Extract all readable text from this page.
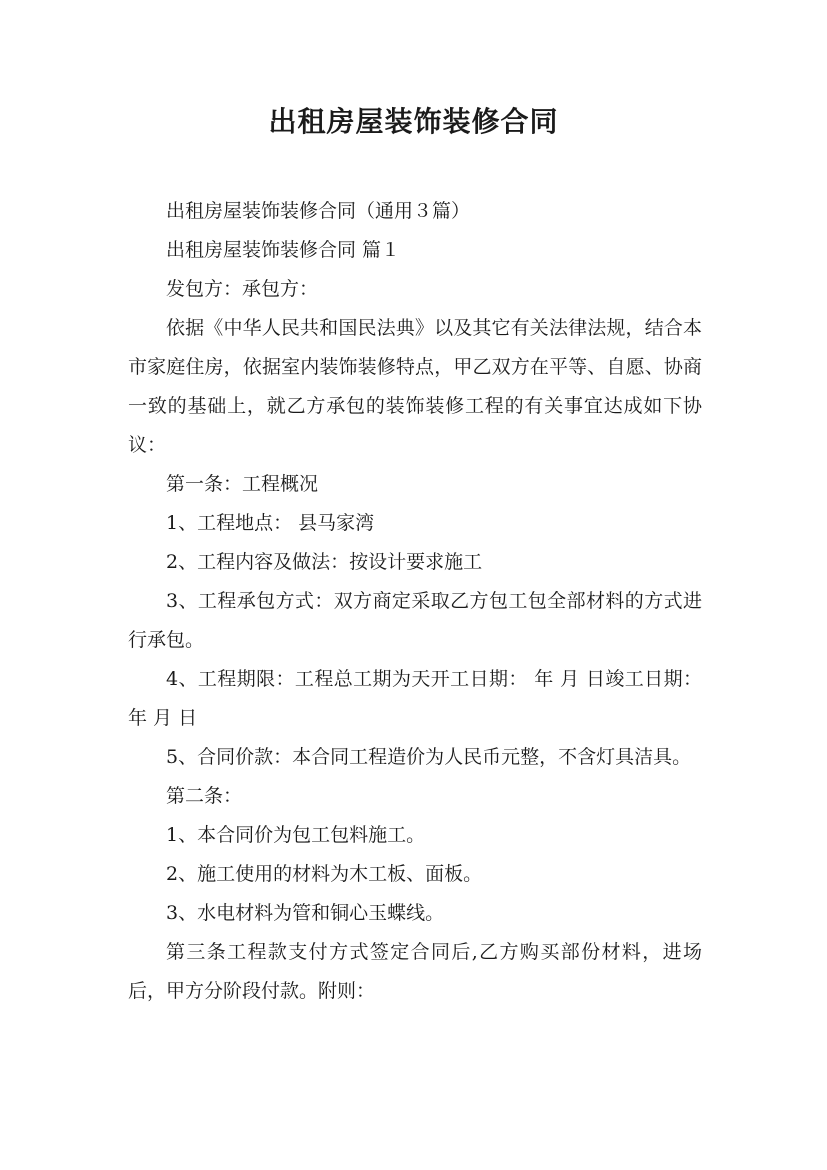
出租房屋装饰装修合同

出租房屋装饰装修合同（通用３篇）

出租房屋装饰装修合同 篇１

发包方：承包方：

依据《中华人民共和国民法典》以及其它有关法律法规，结合本市家庭住房，依据室内装饰装修特点，甲乙双方在平等、自愿、协商一致的基础上，就乙方承包的装饰装修工程的有关事宜达成如下协议：

第一条：工程概况

1、工程地点： 县马家湾

2、工程内容及做法：按设计要求施工

3、工程承包方式：双方商定采取乙方包工包全部材料的方式进行承包。

4、工程期限：工程总工期为天开工日期： 年 月 日竣工日期： 年 月 日

5、合同价款：本合同工程造价为人民币元整，不含灯具洁具。

第二条：

1、本合同价为包工包料施工。

2、施工使用的材料为木工板、面板。

3、水电材料为管和铜心玉蝶线。

第三条工程款支付方式签定合同后,乙方购买部份材料，进场后，甲方分阶段付款。附则：
